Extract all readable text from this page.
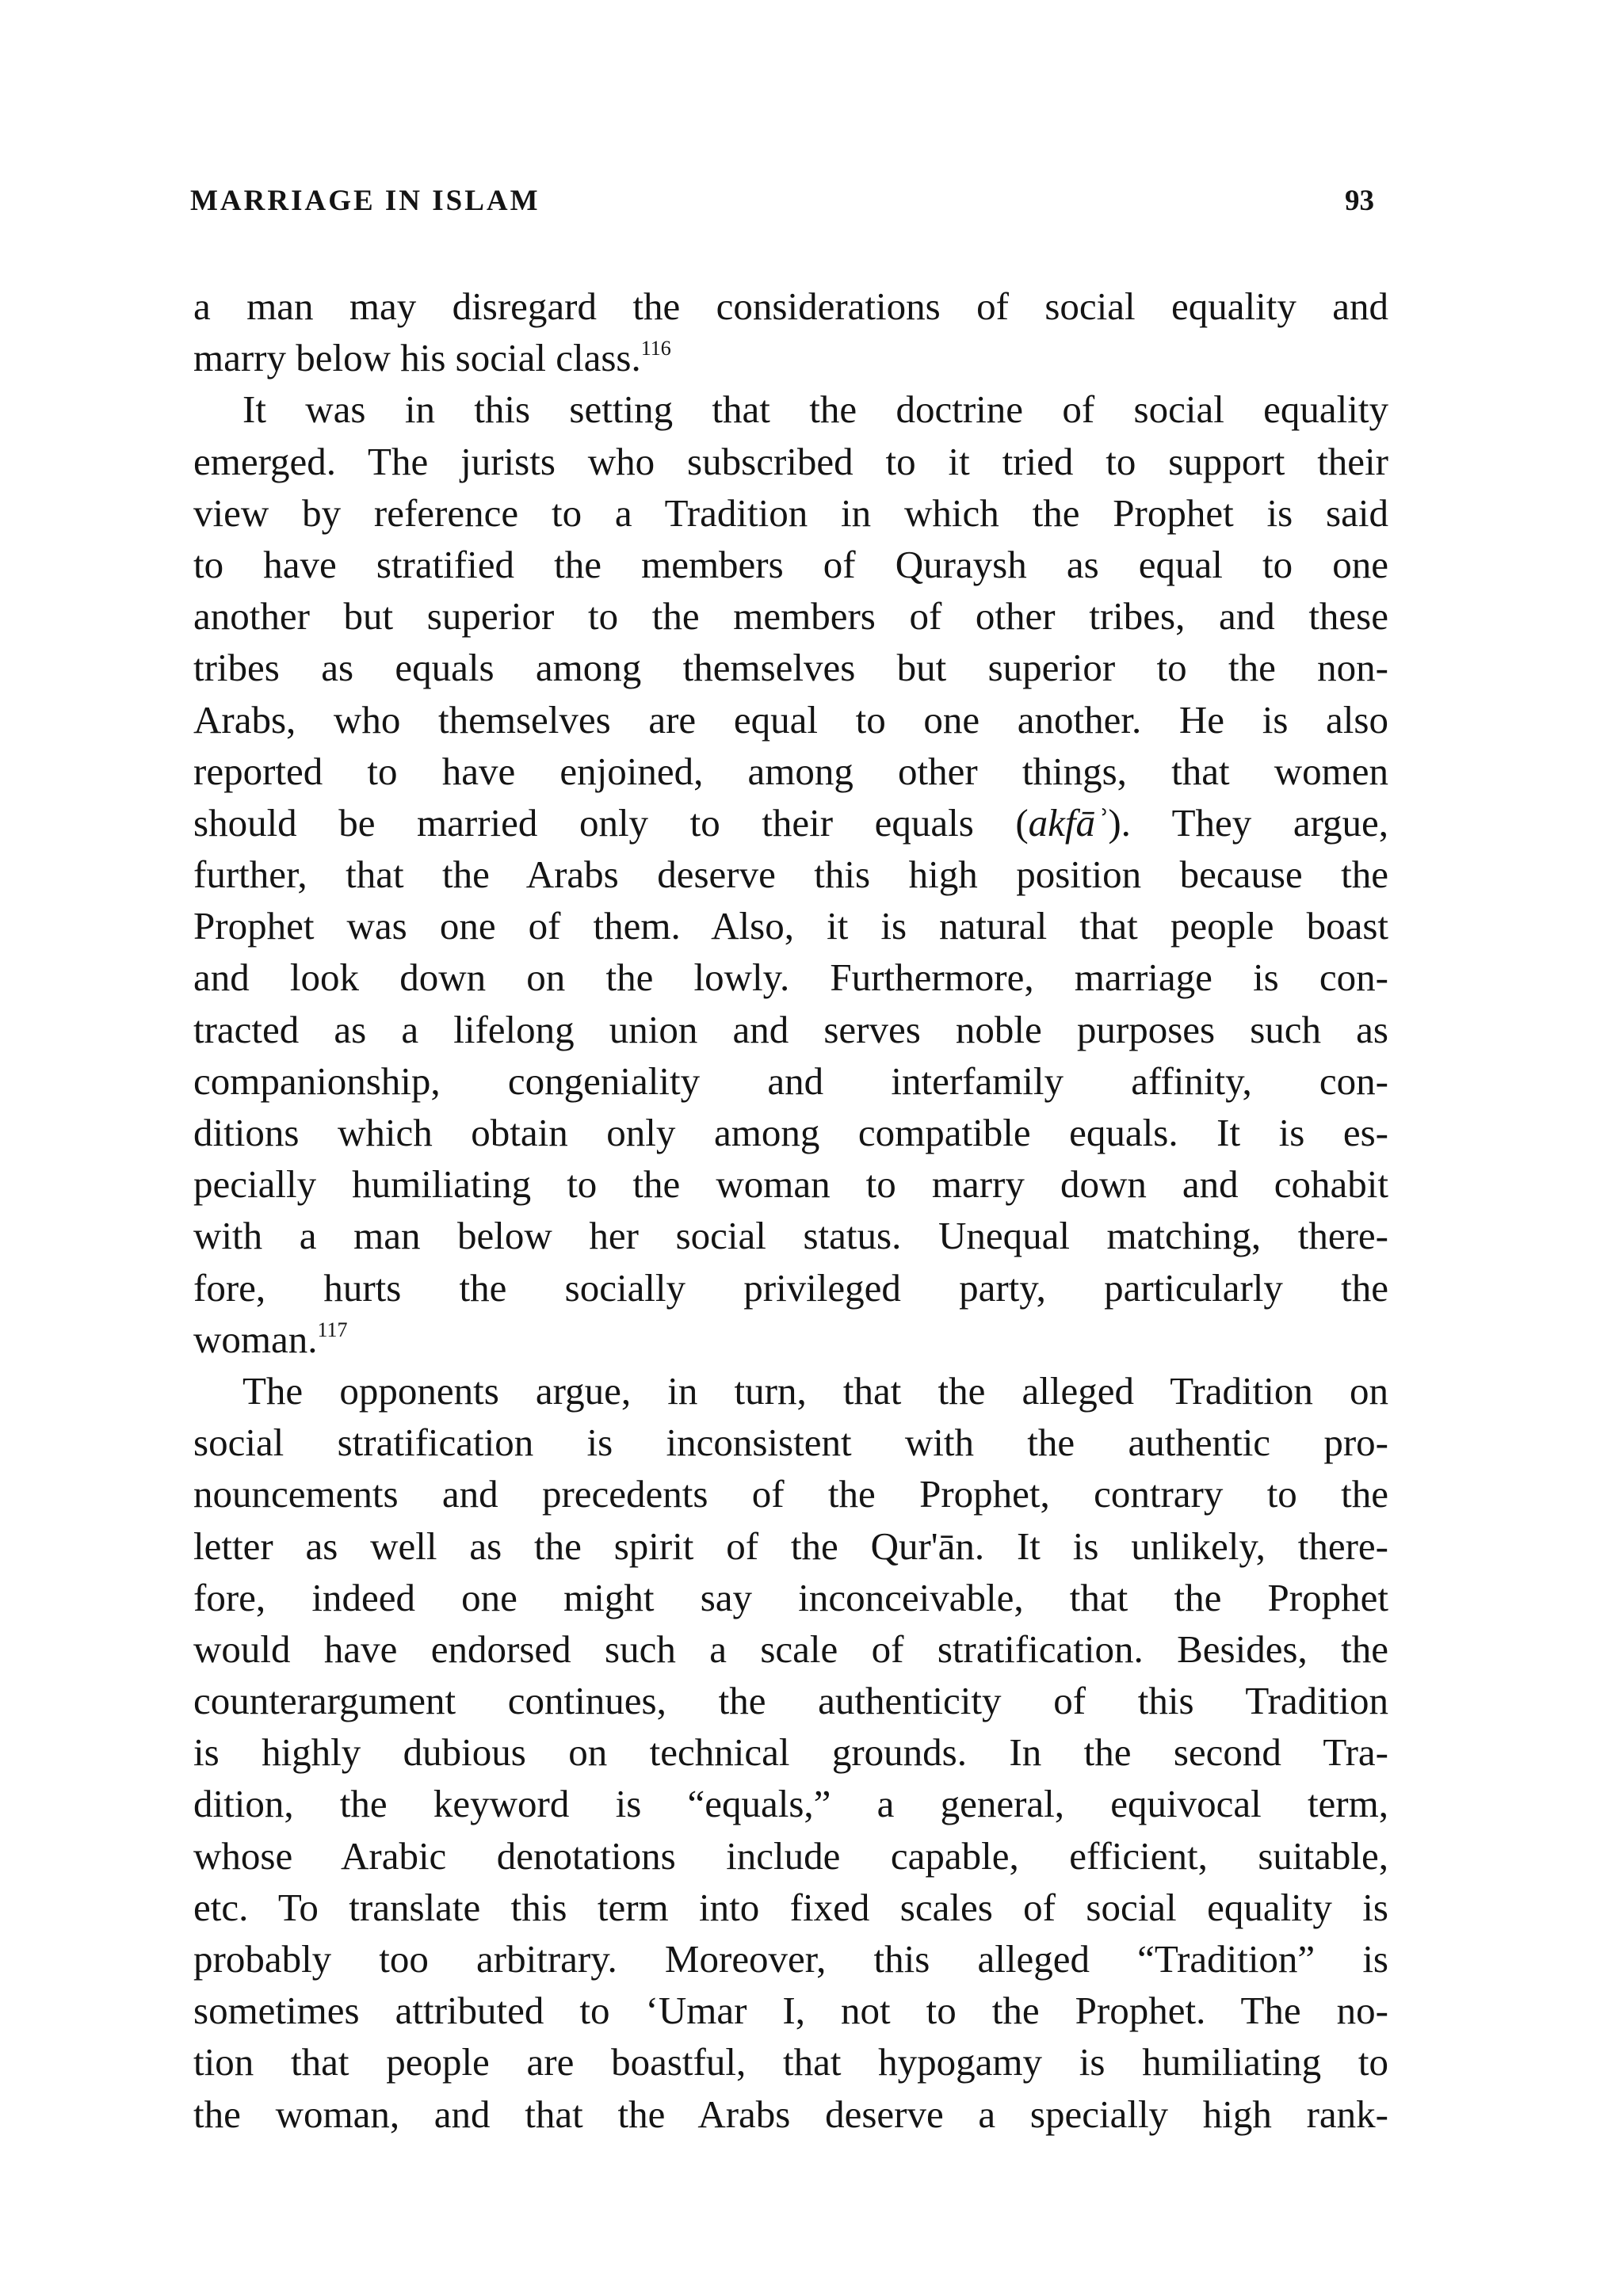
MARRIAGE IN ISLAM	93
a man may disregard the considerations of social equality and
marry below his social class.$^{116}$
It was in this setting that the doctrine of social equality
emerged. The jurists who subscribed to it tried to support their
view by reference to a Tradition in which the Prophet is said
to have stratified the members of Quraysh as equal to one
another but superior to the members of other tribes, and these
tribes as equals among themselves but superior to the non-
Arabs, who themselves are equal to one another. He is also
reported to have enjoined, among other things, that women
should be married only to their equals (akfāʾ). They argue,
further, that the Arabs deserve this high position because the
Prophet was one of them. Also, it is natural that people boast
and look down on the lowly. Furthermore, marriage is con-
tracted as a lifelong union and serves noble purposes such as
companionship, congeniality and interfamily affinity, con-
ditions which obtain only among compatible equals. It is es-
pecially humiliating to the woman to marry down and cohabit
with a man below her social status. Unequal matching, there-
fore, hurts the socially privileged party, particularly the
woman.$^{117}$
The opponents argue, in turn, that the alleged Tradition on
social stratification is inconsistent with the authentic pro-
nouncements and precedents of the Prophet, contrary to the
letter as well as the spirit of the Qur'ān. It is unlikely, there-
fore, indeed one might say inconceivable, that the Prophet
would have endorsed such a scale of stratification. Besides, the
counterargument continues, the authenticity of this Tradition
is highly dubious on technical grounds. In the second Tra-
dition, the keyword is “equals,” a general, equivocal term,
whose Arabic denotations include capable, efficient, suitable,
etc. To translate this term into fixed scales of social equality is
probably too arbitrary. Moreover, this alleged “Tradition” is
sometimes attributed to ‘Umar I, not to the Prophet. The no-
tion that people are boastful, that hypogamy is humiliating to
the woman, and that the Arabs deserve a specially high rank-
